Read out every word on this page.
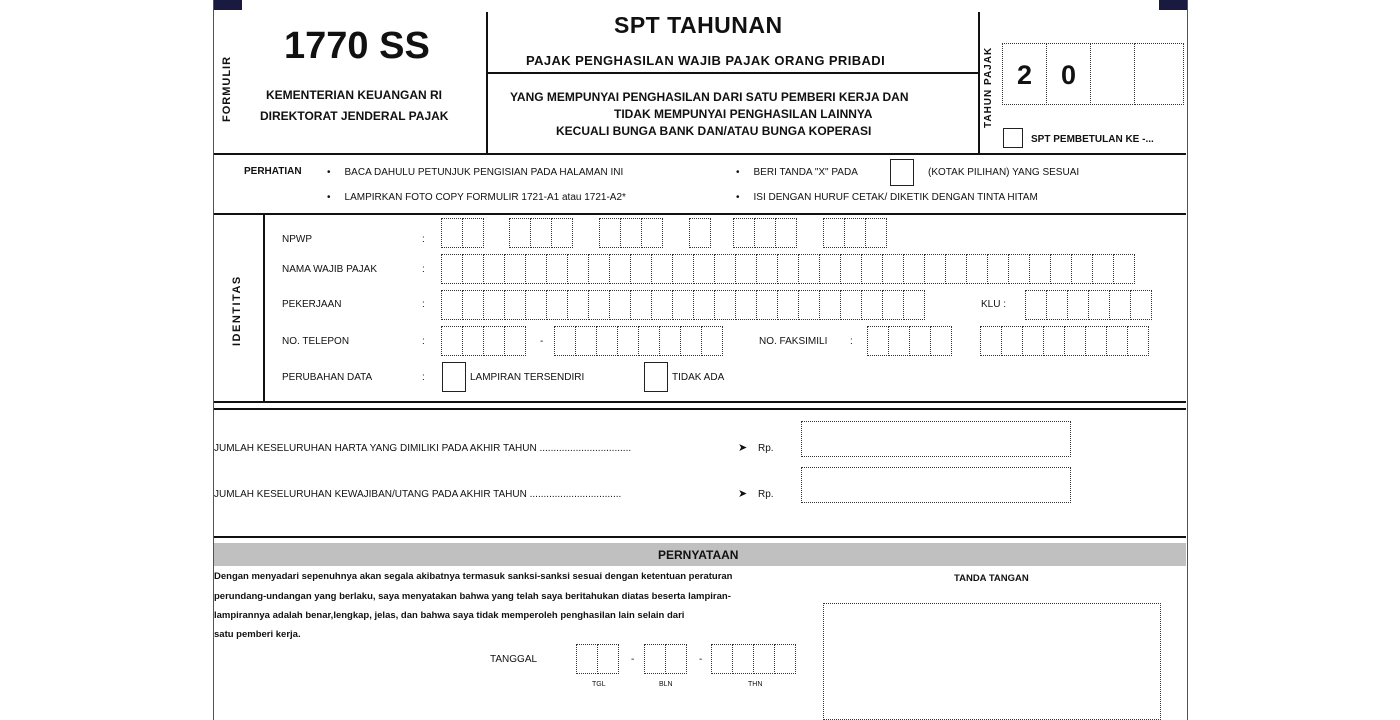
FORMULIR
1770 SS
KEMENTERIAN KEUANGAN RI
DIREKTORAT JENDERAL PAJAK
SPT TAHUNAN
PAJAK PENGHASILAN WAJIB PAJAK ORANG PRIBADI
YANG MEMPUNYAI PENGHASILAN DARI SATU PEMBERI KERJA DAN
TIDAK MEMPUNYAI PENGHASILAN LAINNYA
KECUALI BUNGA BANK DAN/ATAU BUNGA KOPERASI
TAHUN PAJAK 2	0
SPT PEMBETULAN KE -...
PERHATIAN
•	BACA DAHULU PETUNJUK PENGISIAN PADA HALAMAN INI
• LAMPIRKAN FOTO COPY FORMULIR 1721-A1 atau 1721-A2*
• BERI TANDA "X" PADA	(KOTAK PILIHAN) YANG SESUAI
• ISI DENGAN HURUF CETAK/ DIKETIK DENGAN TINTA HITAM
IDENTITAS
NPWP	:
NAMA WAJIB PAJAK	:
PEKERJAAN	:	KLU :
NO. TELEPON	:	-	NO. FAKSIMILI :
PERUBAHAN DATA	:	LAMPIRAN TERSENDIRI	TIDAK ADA
JUMLAH KESELURUHAN HARTA YANG DIMILIKI PADA AKHIR TAHUN .................................	➤ Rp.
JUMLAH KESELURUHAN KEWAJIBAN/UTANG PADA AKHIR TAHUN .................................	➤ Rp.
PERNYATAAN
Dengan menyadari sepenuhnya akan segala akibatnya termasuk sanksi-sanksi sesuai dengan ketentuan peraturan
perundang-undangan yang berlaku, saya menyatakan bahwa yang telah saya beritahukan diatas beserta lampiran-
lampirannya adalah benar,lengkap, jelas, dan bahwa saya tidak memperoleh penghasilan lain selain dari
satu pemberi kerja.
TANDA TANGAN
TANGGAL	-	-
TGL	BLN	THN
